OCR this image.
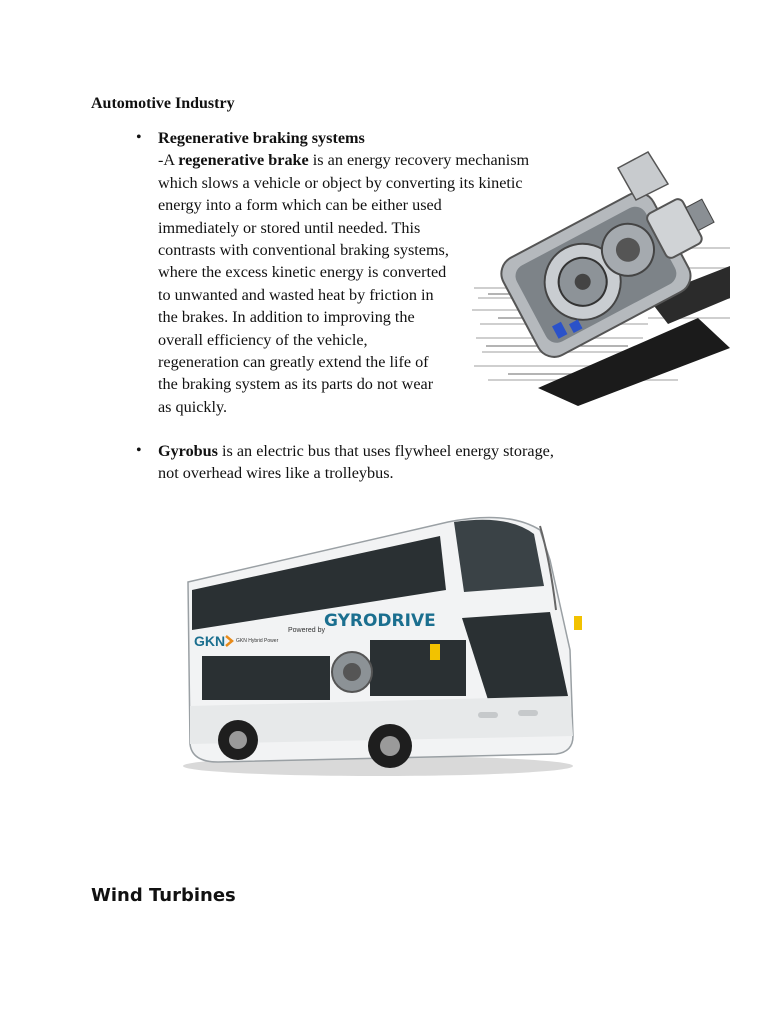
Automotive Industry
• Regenerative braking systems
-A regenerative brake is an energy recovery mechanism
which slows a vehicle or object by converting its kinetic
energy into a form which can be either used
immediately or stored until needed. This
contrasts with conventional braking systems,
where the excess kinetic energy is converted
to unwanted and wasted heat by friction in
the brakes. In addition to improving the
overall efficiency of the vehicle,
regeneration can greatly extend the life of
the braking system as its parts do not wear
as quickly.
• Gyrobus is an electric bus that uses flywheel energy storage,
not overhead wires like a trolleybus.
GKN GKN Hybrid Power
Powered by GYRODRIVE
Wind Turbines
